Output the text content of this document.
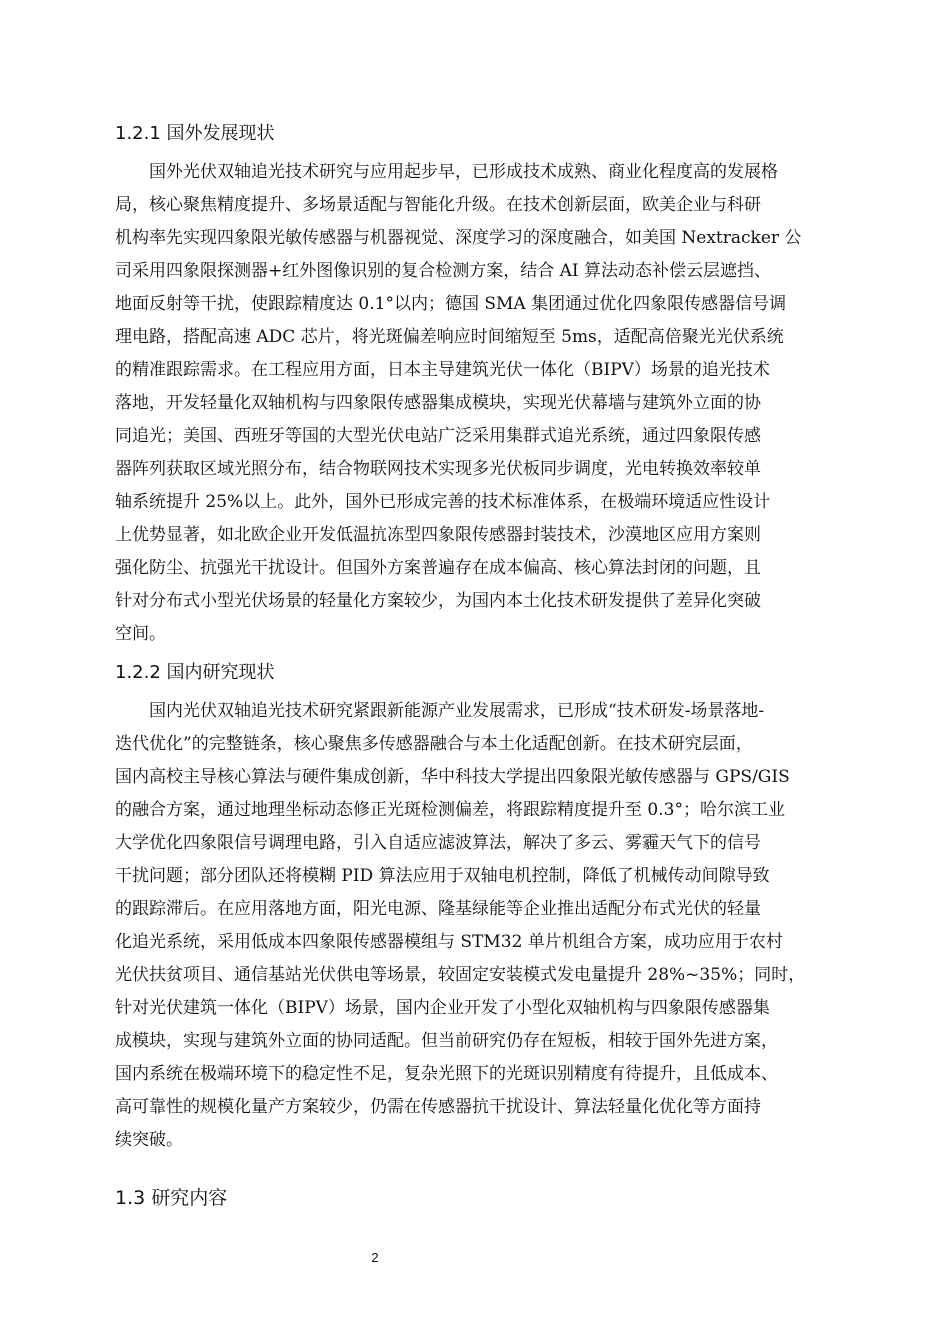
1.2.1 国外发展现状
国外光伏双轴追光技术研究与应用起步早，已形成技术成熟、商业化程度高的发展格
局，核心聚焦精度提升、多场景适配与智能化升级。在技术创新层面，欧美企业与科研
机构率先实现四象限光敏传感器与机器视觉、深度学习的深度融合，如美国 Nextracker 公
司采用四象限探测器+红外图像识别的复合检测方案，结合 AI 算法动态补偿云层遮挡、
地面反射等干扰，使跟踪精度达 0.1°以内；德国 SMA 集团通过优化四象限传感器信号调
理电路，搭配高速 ADC 芯片，将光斑偏差响应时间缩短至 5ms，适配高倍聚光光伏系统
的精准跟踪需求。在工程应用方面，日本主导建筑光伏一体化（BIPV）场景的追光技术
落地，开发轻量化双轴机构与四象限传感器集成模块，实现光伏幕墙与建筑外立面的协
同追光；美国、西班牙等国的大型光伏电站广泛采用集群式追光系统，通过四象限传感
器阵列获取区域光照分布，结合物联网技术实现多光伏板同步调度，光电转换效率较单
轴系统提升 25%以上。此外，国外已形成完善的技术标准体系，在极端环境适应性设计
上优势显著，如北欧企业开发低温抗冻型四象限传感器封装技术，沙漠地区应用方案则
强化防尘、抗强光干扰设计。但国外方案普遍存在成本偏高、核心算法封闭的问题，且
针对分布式小型光伏场景的轻量化方案较少，为国内本土化技术研发提供了差异化突破
空间。
1.2.2 国内研究现状
国内光伏双轴追光技术研究紧跟新能源产业发展需求，已形成“技术研发-场景落地-
迭代优化”的完整链条，核心聚焦多传感器融合与本土化适配创新。在技术研究层面，
国内高校主导核心算法与硬件集成创新，华中科技大学提出四象限光敏传感器与 GPS/GIS
的融合方案，通过地理坐标动态修正光斑检测偏差，将跟踪精度提升至 0.3°；哈尔滨工业
大学优化四象限信号调理电路，引入自适应滤波算法，解决了多云、雾霾天气下的信号
干扰问题；部分团队还将模糊 PID 算法应用于双轴电机控制，降低了机械传动间隙导致
的跟踪滞后。在应用落地方面，阳光电源、隆基绿能等企业推出适配分布式光伏的轻量
化追光系统，采用低成本四象限传感器模组与 STM32 单片机组合方案，成功应用于农村
光伏扶贫项目、通信基站光伏供电等场景，较固定安装模式发电量提升 28%~35%；同时，
针对光伏建筑一体化（BIPV）场景，国内企业开发了小型化双轴机构与四象限传感器集
成模块，实现与建筑外立面的协同适配。但当前研究仍存在短板，相较于国外先进方案，
国内系统在极端环境下的稳定性不足，复杂光照下的光斑识别精度有待提升，且低成本、
高可靠性的规模化量产方案较少，仍需在传感器抗干扰设计、算法轻量化优化等方面持
续突破。
1.3 研究内容
2
